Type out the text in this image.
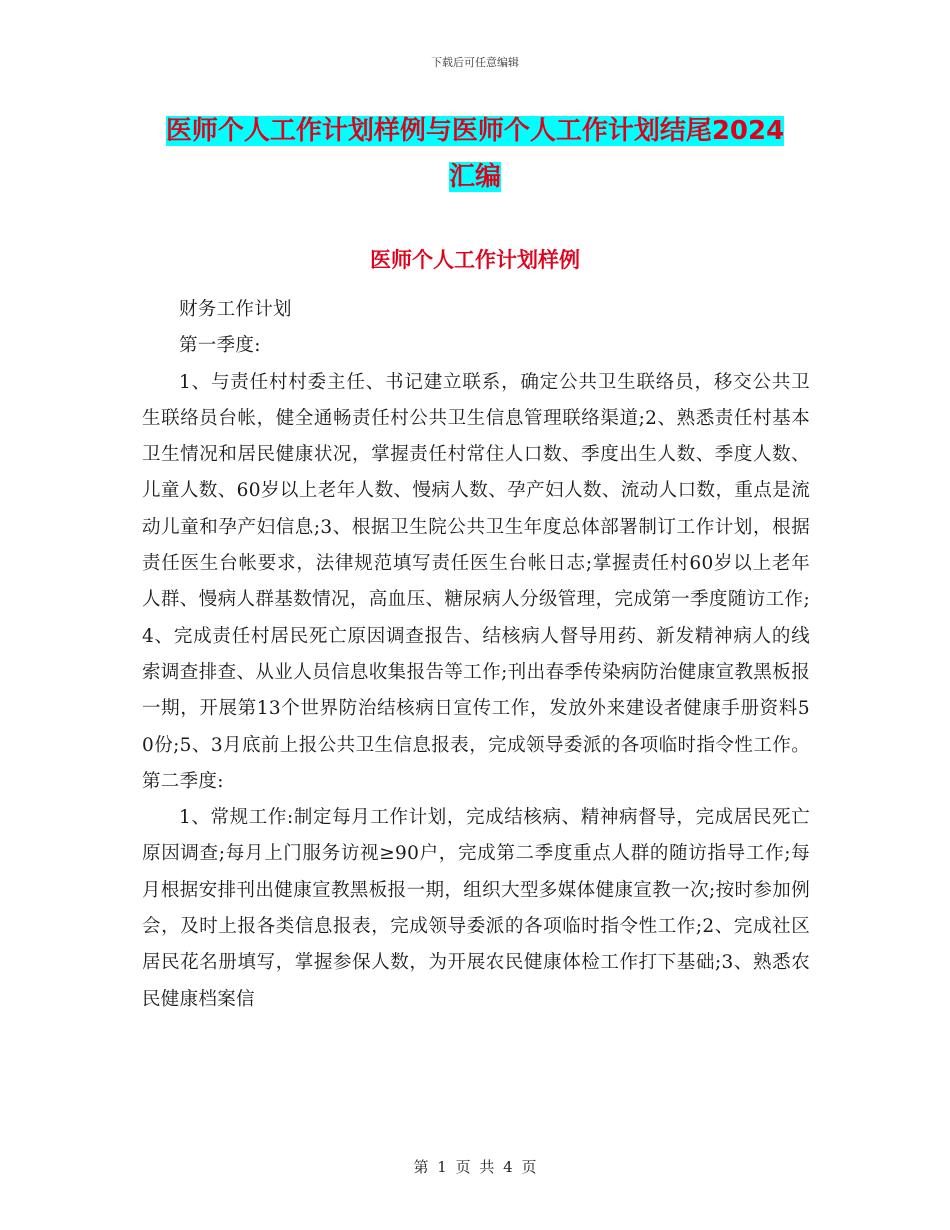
下载后可任意编辑
医师个人工作计划样例与医师个人工作计划结尾2024
汇编
医师个人工作计划样例

财务工作计划

第一季度:

1、与责任村村委主任、书记建立联系，确定公共卫生联络员，移交公共卫生联络员台帐，健全通畅责任村公共卫生信息管理联络渠道;2、熟悉责任村基本卫生情况和居民健康状况，掌握责任村常住人口数、季度出生人数、季度人数、儿童人数、60岁以上老年人数、慢病人数、孕产妇人数、流动人口数，重点是流动儿童和孕产妇信息;3、根据卫生院公共卫生年度总体部署制订工作计划，根据责任医生台帐要求，法律规范填写责任医生台帐日志;掌握责任村60岁以上老年人群、慢病人群基数情况，高血压、糖尿病人分级管理，完成第一季度随访工作;4、完成责任村居民死亡原因调查报告、结核病人督导用药、新发精神病人的线索调查排查、从业人员信息收集报告等工作;刊出春季传染病防治健康宣教黑板报一期，开展第13个世界防治结核病日宣传工作，发放外来建设者健康手册资料50份;5、3月底前上报公共卫生信息报表，完成领导委派的各项临时指令性工作。第二季度:

1、常规工作:制定每月工作计划，完成结核病、精神病督导，完成居民死亡原因调查;每月上门服务访视≥90户，完成第二季度重点人群的随访指导工作;每月根据安排刊出健康宣教黑板报一期，组织大型多媒体健康宣教一次;按时参加例会，及时上报各类信息报表，完成领导委派的各项临时指令性工作;2、完成社区居民花名册填写，掌握参保人数，为开展农民健康体检工作打下基础;3、熟悉农民健康档案信

第 1 页 共 4 页
